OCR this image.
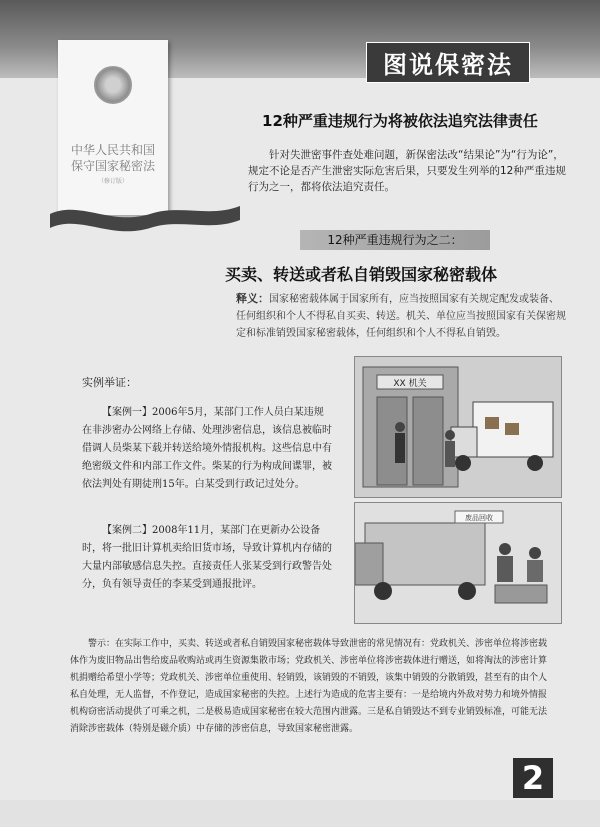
图说保密法
中华人民共和国
保守国家秘密法
（修订版）
12种严重违规行为将被依法追究法律责任
针对失泄密事件查处难问题，新保密法改“结果论”为“行为论”，规定不论是否产生泄密实际危害后果，只要发生列举的12种严重违规行为之一，都将依法追究责任。
12种严重违规行为之二：
买卖、转送或者私自销毁国家秘密载体
释义：国家秘密载体属于国家所有，应当按照国家有关规定配发或装备、任何组织和个人不得私自买卖、转送。机关、单位应当按照国家有关保密规定和标准销毁国家秘密载体，任何组织和个人不得私自销毁。
实例举证：
【案例一】2006年5月，某部门工作人员白某违规在非涉密办公网络上存储、处理涉密信息，该信息被临时借调人员柴某下载并转送给境外情报机构。这些信息中有绝密级文件和内部工作文件。柴某的行为构成间谍罪，被依法判处有期徒刑15年。白某受到行政记过处分。
【案例二】2008年11月，某部门在更新办公设备时，将一批旧计算机卖给旧货市场，导致计算机内存储的大量内部敏感信息失控。直接责任人张某受到行政警告处分，负有领导责任的李某受到通报批评。
XX 机关
废品回收
警示：在实际工作中，买卖、转送或者私自销毁国家秘密载体导致泄密的常见情况有：党政机关、涉密单位将涉密载体作为废旧物品出售给废品收购站或再生资源集散市场；党政机关、涉密单位将涉密载体进行赠送，如将淘汰的涉密计算机捐赠给希望小学等；党政机关、涉密单位重使用、轻销毁，该销毁的不销毁，该集中销毁的分散销毁，甚至有的由个人私自处理，无人监督，不作登记，造成国家秘密的失控。上述行为造成的危害主要有：一是给境内外敌对势力和境外情报机构窃密活动提供了可乘之机，二是极易造成国家秘密在较大范围内泄露。三是私自销毁达不到专业销毁标准，可能无法消除涉密载体（特别是磁介质）中存储的涉密信息，导致国家秘密泄露。
2
